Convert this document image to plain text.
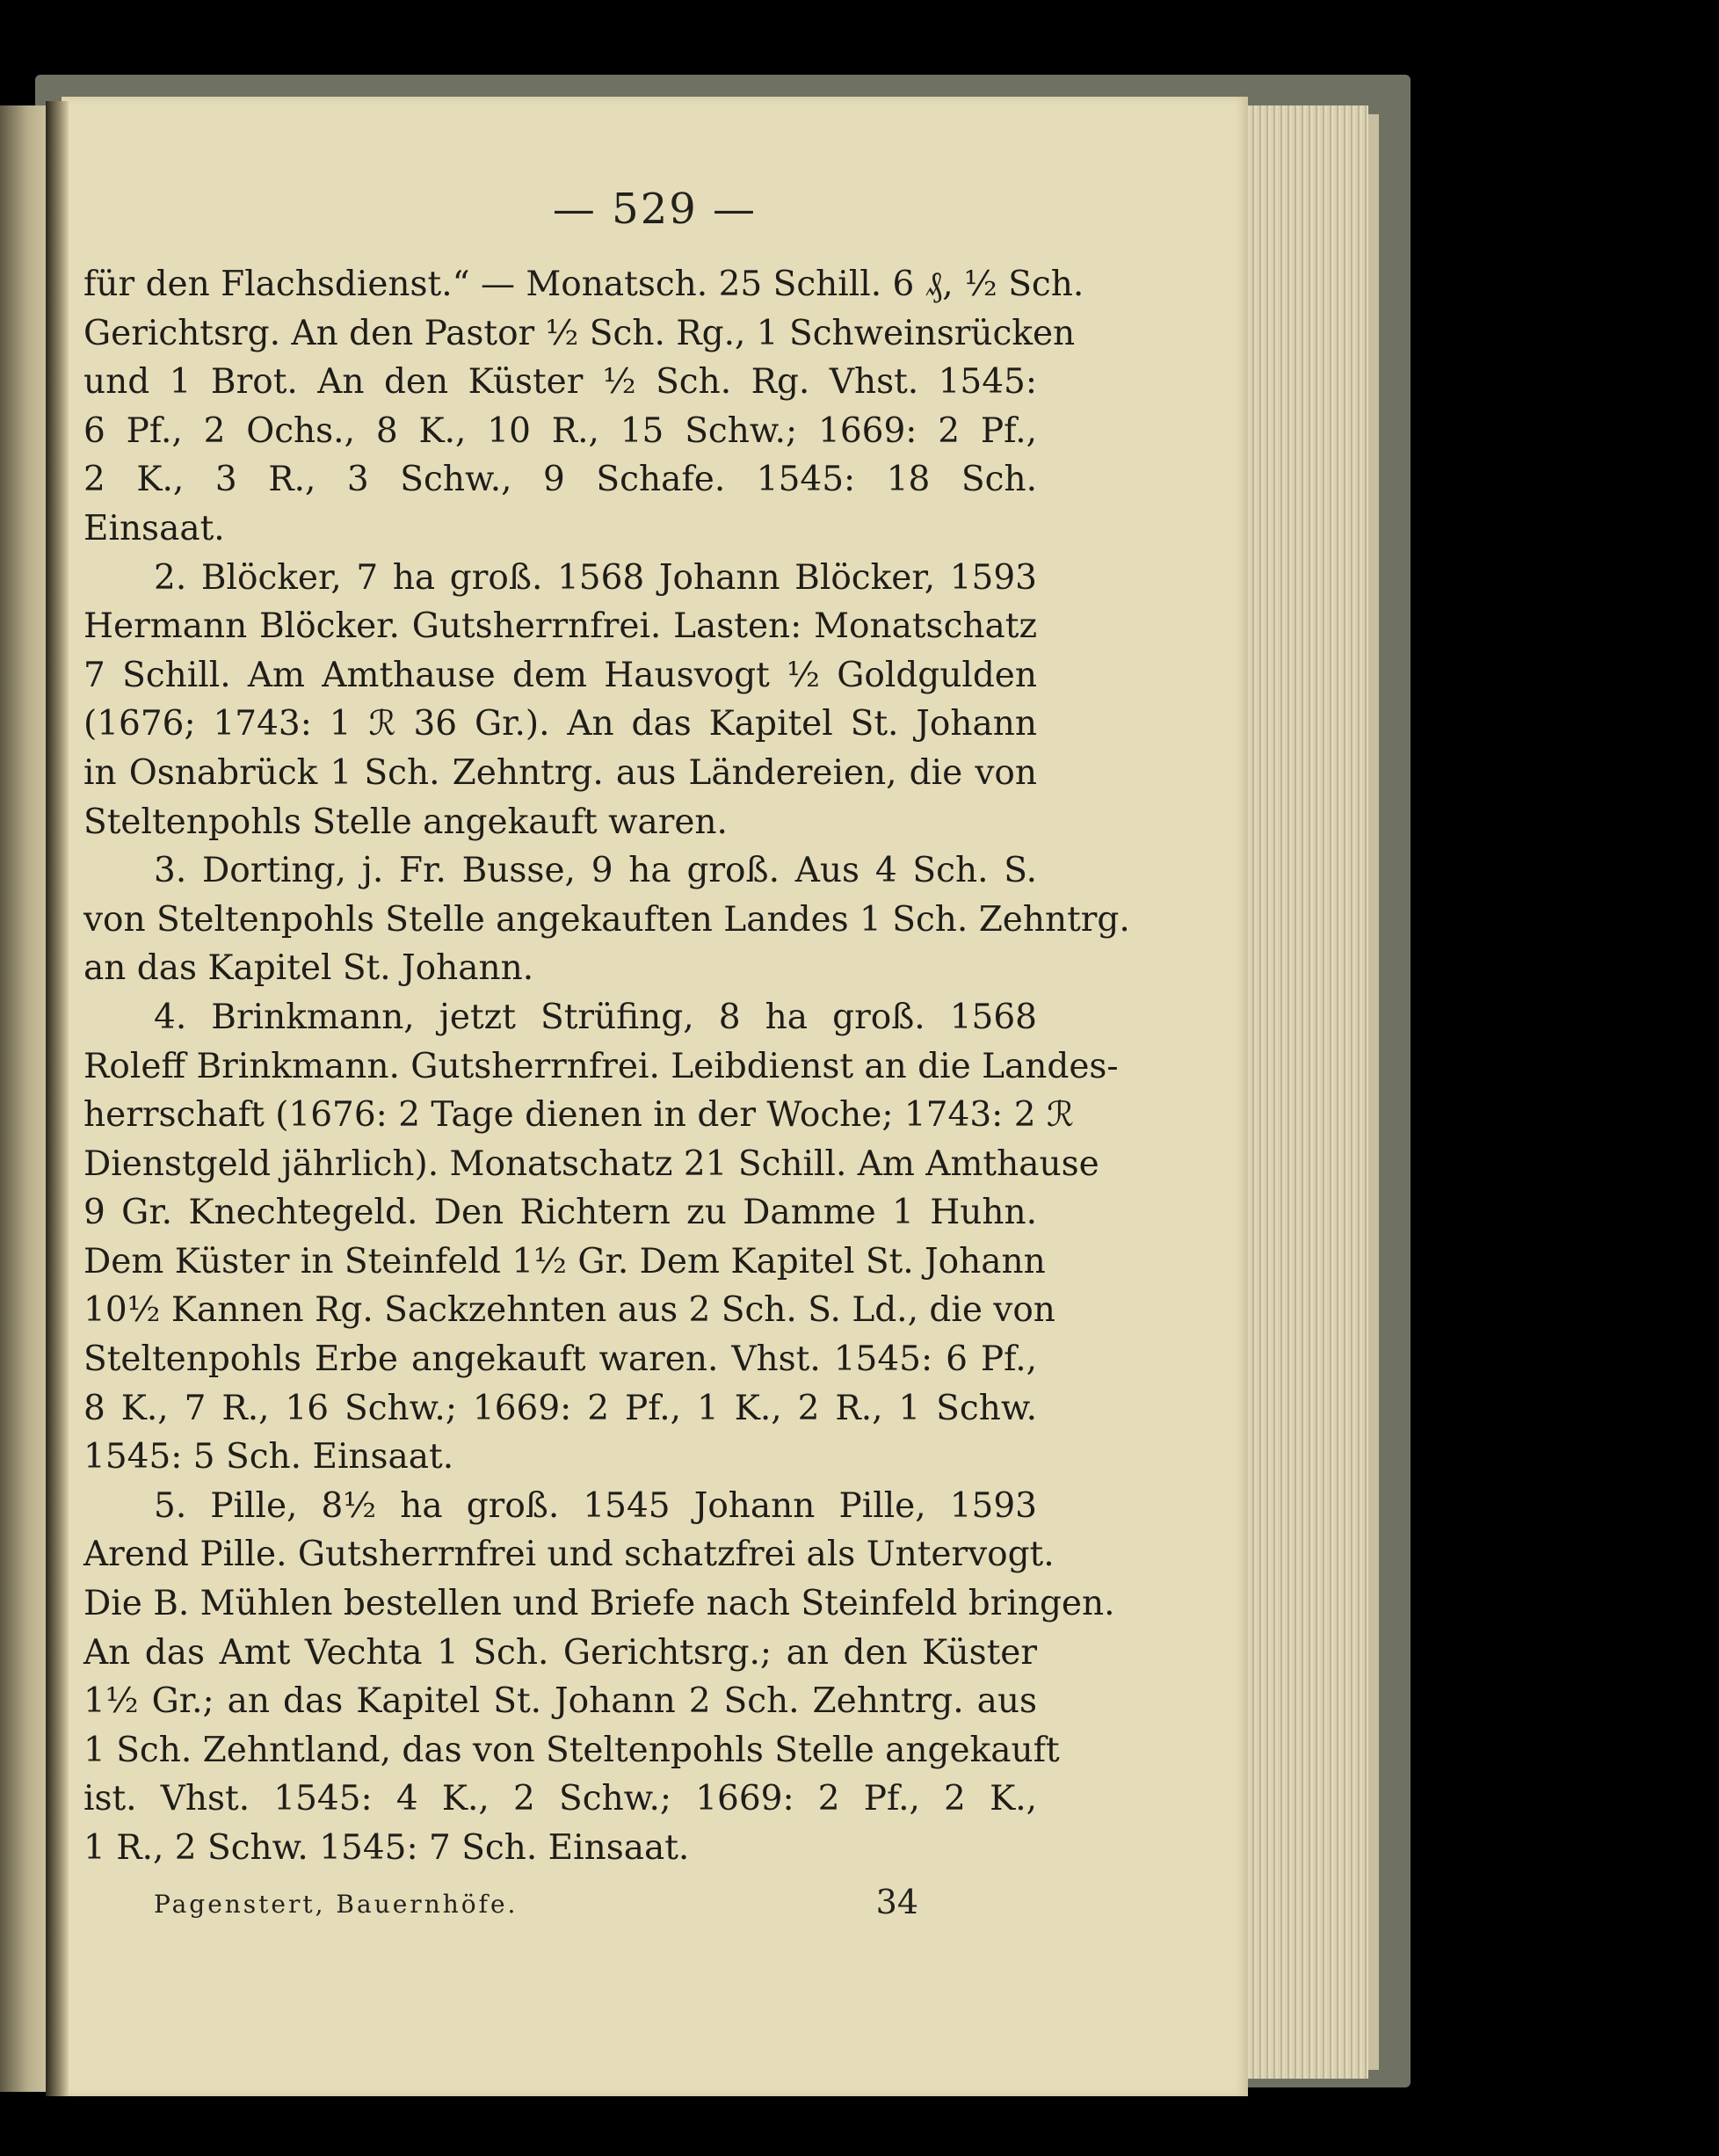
— 529 —
für den Flachsdienst.“ — Monatsch. 25 Schill. 6 ₰, ½ Sch.
Gerichtsrg. An den Pastor ½ Sch. Rg., 1 Schweinsrücken
und 1 Brot. An den Küster ½ Sch. Rg. Vhst. 1545:
6 Pf., 2 Ochs., 8 K., 10 R., 15 Schw.; 1669: 2 Pf.,
2 K., 3 R., 3 Schw., 9 Schafe. 1545: 18 Sch.
Einsaat.
2. Blöcker, 7 ha groß. 1568 Johann Blöcker, 1593
Hermann Blöcker. Gutsherrnfrei. Lasten: Monatschatz
7 Schill. Am Amthause dem Hausvogt ½ Goldgulden
(1676; 1743: 1 ℛ 36 Gr.). An das Kapitel St. Johann
in Osnabrück 1 Sch. Zehntrg. aus Ländereien, die von
Steltenpohls Stelle angekauft waren.
3. Dorting, j. Fr. Busse, 9 ha groß. Aus 4 Sch. S.
von Steltenpohls Stelle angekauften Landes 1 Sch. Zehntrg.
an das Kapitel St. Johann.
4. Brinkmann, jetzt Strüfing, 8 ha groß. 1568
Roleff Brinkmann. Gutsherrnfrei. Leibdienst an die Landes-
herrschaft (1676: 2 Tage dienen in der Woche; 1743: 2 ℛ
Dienstgeld jährlich). Monatschatz 21 Schill. Am Amthause
9 Gr. Knechtegeld. Den Richtern zu Damme 1 Huhn.
Dem Küster in Steinfeld 1½ Gr. Dem Kapitel St. Johann
10½ Kannen Rg. Sackzehnten aus 2 Sch. S. Ld., die von
Steltenpohls Erbe angekauft waren. Vhst. 1545: 6 Pf.,
8 K., 7 R., 16 Schw.; 1669: 2 Pf., 1 K., 2 R., 1 Schw.
1545: 5 Sch. Einsaat.
5. Pille, 8½ ha groß. 1545 Johann Pille, 1593
Arend Pille. Gutsherrnfrei und schatzfrei als Untervogt.
Die B. Mühlen bestellen und Briefe nach Steinfeld bringen.
An das Amt Vechta 1 Sch. Gerichtsrg.; an den Küster
1½ Gr.; an das Kapitel St. Johann 2 Sch. Zehntrg. aus
1 Sch. Zehntland, das von Steltenpohls Stelle angekauft
ist. Vhst. 1545: 4 K., 2 Schw.; 1669: 2 Pf., 2 K.,
1 R., 2 Schw. 1545: 7 Sch. Einsaat.
Pagenstert, Bauernhöfe.	34
